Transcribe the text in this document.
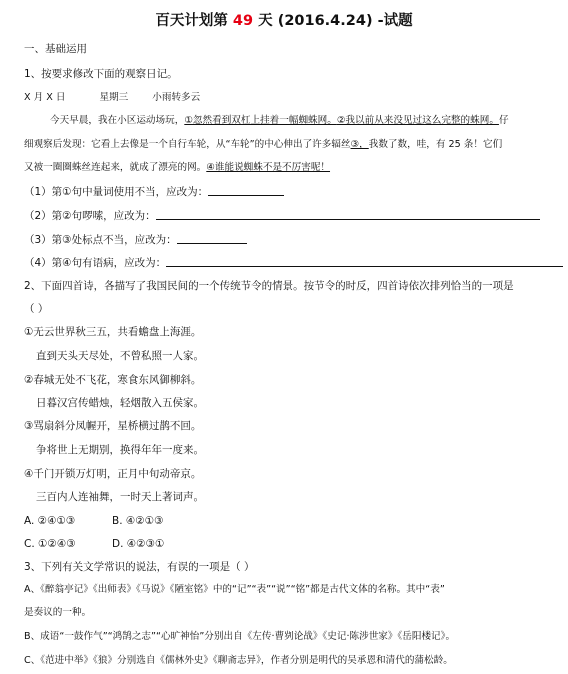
百天计划第 49 天 (2016.4.24) -试题
一、基础运用
1、按要求修改下面的观察日记。
X 月 X 日	星期三	小雨转多云
今天早晨，我在小区运动场玩，①忽然看到双杠上挂着一幅蜘蛛网。②我以前从来没见过这么完整的蛛网。仔
细观察后发现：它看上去像是一个自行车轮，从“车轮”的中心伸出了许多辐丝③，我数了数，哇，有 25 条！它们
又被一圈圈蛛丝连起来，就成了漂亮的网。④谁能说蜘蛛不是不厉害呢！
（1）第①句中量词使用不当，应改为：
（2）第②句啰嗦，应改为：
（3）第③处标点不当，应改为：
（4）第④句有语病，应改为：
2、下面四首诗，各描写了我国民间的一个传统节令的情景。按节令的时反，四首诗依次排列恰当的一项是
（ ）
①无云世界秋三五，共看蟾盘上海涯。
直到天头天尽处，不曾私照一人家。
②春城无处不飞花，寒食东风御柳斜。
日暮汉宫传蜡烛，轻烟散入五侯家。
③骂扇斜分凤幄开，星桥横过鹊不回。
争将世上无期别，换得年年一度来。
④千门开锁万灯明，正月中旬动帝京。
三百内人连袖舞，一时天上著词声。
A. ②④①③	B. ④②①③
C. ①②④③	D. ④②③①
3、下列有关文学常识的说法，有误的一项是（ ）
A、《醉翁亭记》《出师表》《马说》《陋室铭》中的“记”“表”“说”“铭”都是古代文体的名称。其中“表”
是奏议的一种。
B、成语“一鼓作气”“鸿鹄之志”“心旷神怡”分别出自《左传·曹刿论战》《史记·陈涉世家》《岳阳楼记》。
C、《范进中举》《狼》分别选自《儒林外史》《聊斋志异》，作者分别是明代的吴承恩和清代的蒲松龄。
